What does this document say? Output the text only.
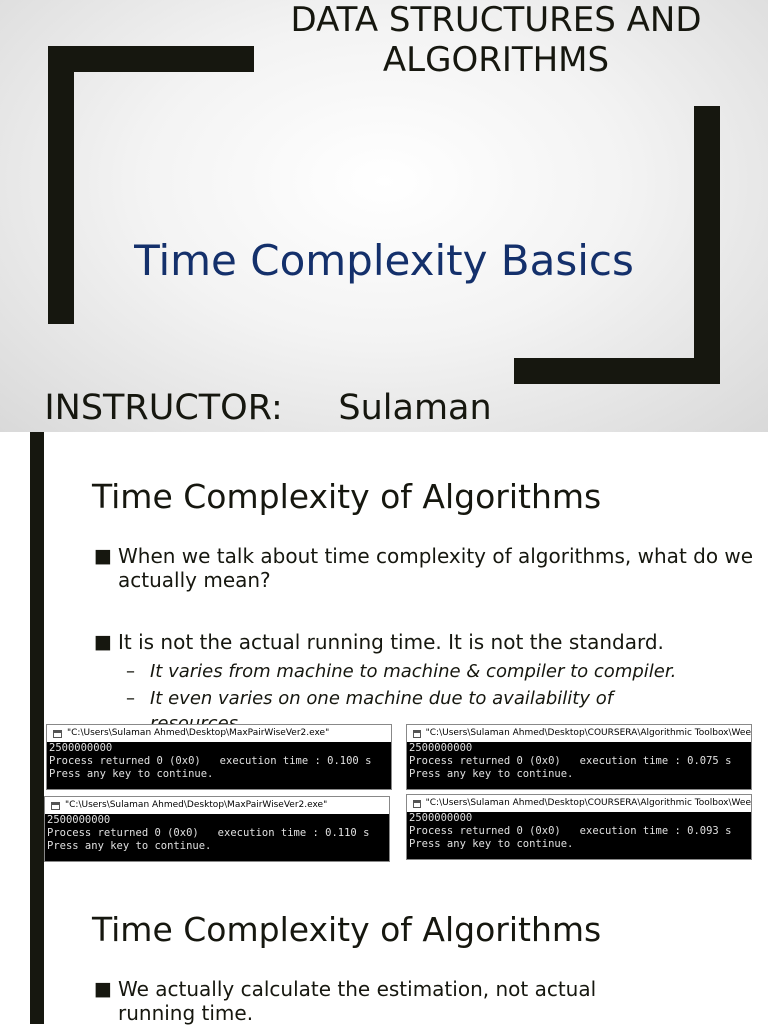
DATA STRUCTURES AND
ALGORITHMS
Time Complexity Basics

INSTRUCTOR:     Sulaman

Time Complexity of Algorithms
■ When we talk about time complexity of algorithms, what do we actually mean?
■ It is not the actual running time. It is not the standard.
– It varies from machine to machine & compiler to compiler.
– It even varies on one machine due to availability of
"C:\Users\Sulaman Ahmed\Desktop\MaxPairWiseVer2.exe"
2500000000
Process returned 0 (0x0)   execution time : 0.100 s
Press any key to continue.
"C:\Users\Sulaman Ahmed\Desktop\COURSERA\Algorithmic Toolbox\Wee
2500000000
Process returned 0 (0x0)   execution time : 0.075 s
Press any key to continue.
"C:\Users\Sulaman Ahmed\Desktop\MaxPairWiseVer2.exe"
2500000000
Process returned 0 (0x0)   execution time : 0.110 s
Press any key to continue.
"C:\Users\Sulaman Ahmed\Desktop\COURSERA\Algorithmic Toolbox\Wee
2500000000
Process returned 0 (0x0)   execution time : 0.093 s
Press any key to continue.
Time Complexity of Algorithms
■ We actually calculate the estimation, not actual running time.
